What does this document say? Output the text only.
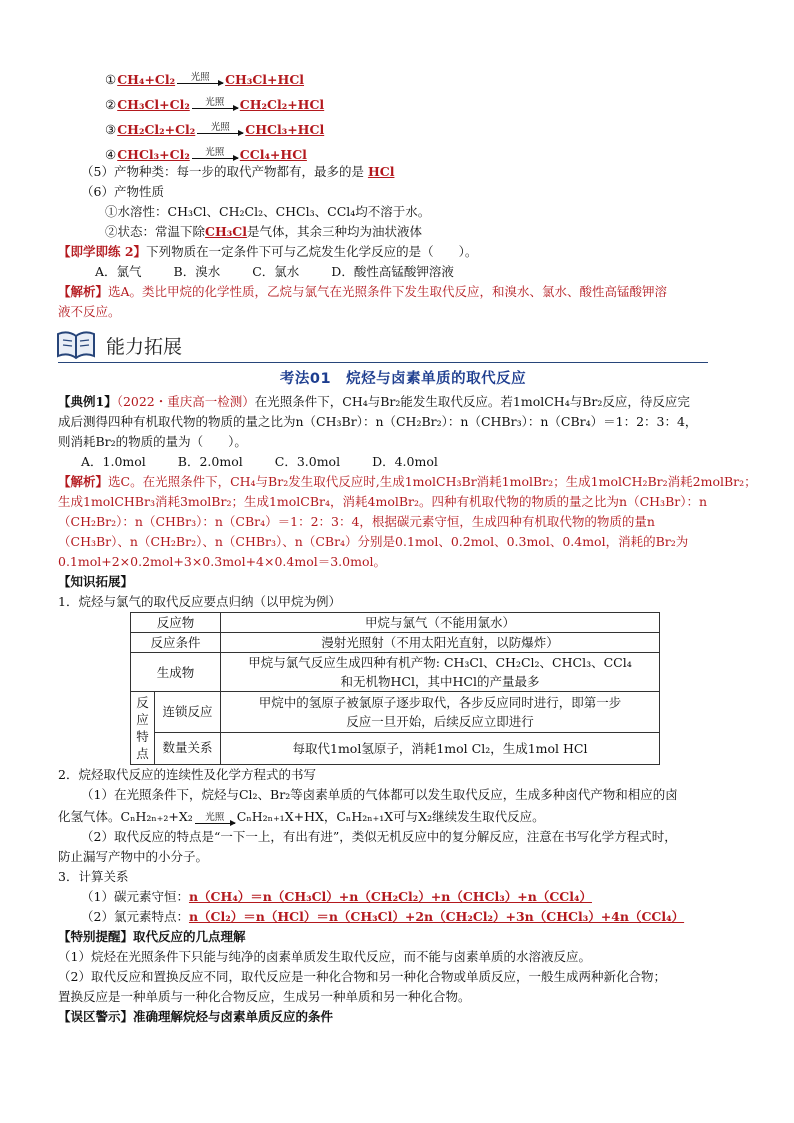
① CH₄+Cl₂ 光照 CH₃Cl+HCl
② CH₃Cl+Cl₂ 光照 CH₂Cl₂+HCl
③ CH₂Cl₂+Cl₂ 光照 CHCl₃+HCl
④ CHCl₃+Cl₂ 光照 CCl₄+HCl
（5）产物种类：每一步的取代产物都有，最多的是 HCl
（6）产物性质
①水溶性：CH₃Cl、CH₂Cl₂、CHCl₃、CCl₄均不溶于水。
②状态：常温下除CH₃Cl是气体，其余三种均为油状液体
【即学即练 2】下列物质在一定条件下可与乙烷发生化学反应的是（　　）。
A．氯气	B．溴水	C．氯水	D．酸性高锰酸钾溶液
【解析】选A。类比甲烷的化学性质，乙烷与氯气在光照条件下发生取代反应，和溴水、氯水、酸性高锰酸钾溶
液不反应。
能力拓展
考法01　烷烃与卤素单质的取代反应
【典例1】（2022・重庆高一检测）在光照条件下，CH₄与Br₂能发生取代反应。若1molCH₄与Br₂反应，待反应完
成后测得四种有机取代物的物质的量之比为n（CH₃Br）：n（CH₂Br₂）：n（CHBr₃）：n（CBr₄）＝1：2：3：4，
则消耗Br₂的物质的量为（　　）。
A．1.0mol	B．2.0mol	C．3.0mol	D．4.0mol
【解析】选C。在光照条件下，CH₄与Br₂发生取代反应时,生成1molCH₃Br消耗1molBr₂；生成1molCH₂Br₂消耗2molBr₂；
生成1molCHBr₃消耗3molBr₂；生成1molCBr₄，消耗4molBr₂。四种有机取代物的物质的量之比为n（CH₃Br）：n
（CH₂Br₂）：n（CHBr₃）：n（CBr₄）＝1：2：3：4，根据碳元素守恒，生成四种有机取代物的物质的量n
（CH₃Br）、n（CH₂Br₂）、n（CHBr₃）、n（CBr₄）分别是0.1mol、0.2mol、0.3mol、0.4mol，消耗的Br₂为
0.1mol+2×0.2mol+3×0.3mol+4×0.4mol＝3.0mol。
【知识拓展】
1．烷烃与氯气的取代反应要点归纳（以甲烷为例）
反应物		甲烷与氯气（不能用氯水）
反应条件		漫射光照射（不用太阳光直射，以防爆炸）
生成物		甲烷与氯气反应生成四种有机产物: CH₃Cl、CH₂Cl₂、CHCl₃、CCl₄
和无机物HCl，其中HCl的产量最多

反应特点	连锁反应	甲烷中的氢原子被氯原子逐步取代，各步反应同时进行，即第一步
反应一旦开始，后续反应立即进行

	数量关系	每取代1mol氢原子，消耗1mol Cl₂，生成1mol HCl
2．烷烃取代反应的连续性及化学方程式的书写
（1）在光照条件下，烷烃与Cl₂、Br₂等卤素单质的气体都可以发生取代反应，生成多种卤代产物和相应的卤
化氢气体。CₙH₂ₙ₊₂+X₂ 光照 CₙH₂ₙ₊₁X+HX，CₙH₂ₙ₊₁X可与X₂继续发生取代反应。
（2）取代反应的特点是“一下一上，有出有进”，类似无机反应中的复分解反应，注意在书写化学方程式时，
防止漏写产物中的小分子。
3．计算关系
（1）碳元素守恒：n（CH₄）＝n（CH₃Cl）+n（CH₂Cl₂）+n（CHCl₃）+n（CCl₄）
（2）氯元素特点：n（Cl₂）＝n（HCl）＝n（CH₃Cl）+2n（CH₂Cl₂）+3n（CHCl₃）+4n（CCl₄）
【特别提醒】取代反应的几点理解
（1）烷烃在光照条件下只能与纯净的卤素单质发生取代反应，而不能与卤素单质的水溶液反应。
（2）取代反应和置换反应不同，取代反应是一种化合物和另一种化合物或单质反应，一般生成两种新化合物；
置换反应是一种单质与一种化合物反应，生成另一种单质和另一种化合物。
【误区警示】准确理解烷烃与卤素单质反应的条件
